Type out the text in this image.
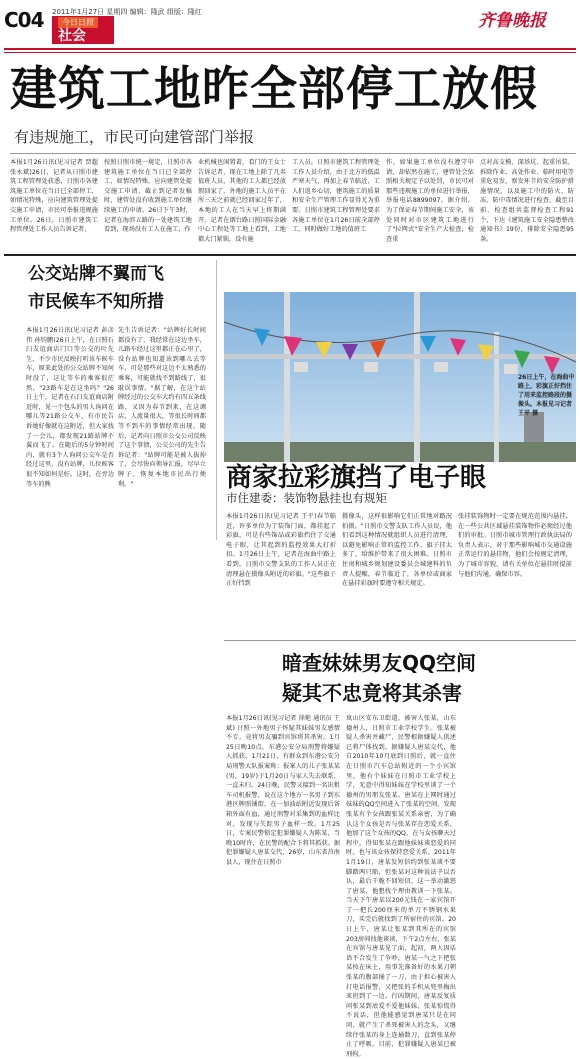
C04 2011年1月27日 星期四 编辑：隆武 组版：隆红
今日日照
社会
齐鲁晚报
建筑工地昨全部停工放假
有违规施工，市民可向建管部门举报
本报1月26日讯(见习记者 贾超 张永斌)26日，记者从日照市建筑工程管理处获悉，日照市各建筑施工单位在当日已全部停工，如情况特殊，应向建筑管理处提交施工申请，市民可举报违规施工单位。26日，日照市建筑工程管理处工作人员告诉记者，
按照日照市统一规定，日照市各建筑施工单位在当日已全部停工，如情况特殊，应向建管处提交施工申请，截止到记者发稿时，建管处没有收到施工单位继续施工的申请。26日下午3时，记者在海滨五路的一处建筑工地看到，现场没有工人在施工，作
业机械也闲置着，看门的王女士告诉记者，现在工地上除了几名值班人员，其他的工人都已经放假回家了，外地的施工人员平在所三天之前就已经回家过年了，本地的工人在当天早上将期满开。记者在烟台路日照国际金融中心工程处等工地上看到，工地都大门紧锁，没有施
工人员。日照市建筑工程管理处工作人员介绍，由于北方的低温严寒天气，再加上春节临近，工人们返乡心切，建筑施工的质量和安全生产管理工作显得尤为重要。日照市建筑工程管理处要求各施工单位在1月26日前全部停工，同时做好工地的值班工
作，如果施工单位没有遵守申请，却依然在施工，建管处会依照相关规定予以处罚，市民可对那些违规施工的单位进行举报，举报电话8899097。据介绍，为了保证春节期间施工安全，该处同时对市区建筑工地进行了"拉网式"安全生产大检查，检查重
点对高支模、深基坑、起重吊装、拆除作业、高处作业、临时用电等重危易发，察发环节的安全防护措施情况，以及施工中的防火、防冻、防中毒情况进行检查，截至目前，检查组共监督检查工程91个，下达《建筑施工安全隐患整改通知书》19份，排除安全隐患95条。
公交站牌不翼而飞
市民候车不知所措
本报1月26日讯(见习记者 彭彦伟 孙钧鹏)26日上午，在日照石臼友谊商店门口等公交的叶先生，不少市民反映打听该车候车车，原来此处的公交站牌不知何时没了，这让等车的乘客很茫然。"23路车是在这坐吗？"26日上午，记者在石臼友谊商店附近时，见一个包头的男人询问在哪儿等21路公交车，有市民告诉她好像就在这附近，但大家找了一会儿，都发现21路站牌不翼而飞了。在随后的5分钟时间内，就有3个人询问公交车是否经过这里，没有站牌，儿位候客很不知如何是好。这时，在旁边等车的熊
先生告诉记者："站牌好长时间都没有了，我经常在这边坐车，儿路车经过这里都正在心里了，没有站牌也知道该到哪儿去等车，可是那些对这边不太熟悉的乘客，可能就找不到路线了，很耽误事情。"据了解，在这个站牌经过的公交车大约有四五条线路，又因为春节到来，在这调店，人流量很大，等很长时间都等不到车的事情经常出现。随后，记者向日照市公交公司反映了这个事情，公交公司的先生告诉记者："站牌可能是被人拔掉了，会尽快向领导汇报，尽早立牌子，恢复本地市民出行便利。"
26日上午，在海曲中路上，彩旗正好挡住了用来监控路段的摄像头。本报见习记者 王平 摄
商家拉彩旗挡了电子眼
市住建委：装饰物悬挂也有规矩
本报1月26日讯(见习记者 王平)春节临近，许多单位为了装饰门面，都挂起了彩旗，可是有些饰品或彩旗挡住了交通电子眼，让其起到的监控效果大打折扣。1月26日上午，记者在海曲中路上看到，日照市交警支队的工作人员正在清理悬在摄像头附近的彩旗。"这些旗子正好挡到
摄像头，这样很影响它们正常地对路况拍摄。"日照市交警支队工作人员说，他们看到这种情况就组织人员进行清理，以避免影响正常的监控工作。旗子挂太多了，给维护带来了很大困难。日照市住房和城乡规划建设委员会城建科的负责人提醒，春节临近了，各单位或商家在悬挂彩旗时要遵守相关规定。
张挂装饰物时一定要在规范范围内悬挂，在一些公共区域悬挂装饰物作必须经过他们的审批。日照市城市管理行政执法局的负责人表示，对于那些影响城市交通设施正常运行的悬挂物，他们会按规定清理，为了城市容貌，请有关单位在悬挂时提前与他们沟通，确保市容。
暗查妹妹男友QQ空间
疑其不忠竟将其杀害
本报1月26日讯(见习记者 徐艳 通讯员 王斌) 日照一外地男子怀疑其妹妹男友感情不专，竟将男友骗到宾馆将其杀害。1月25日晚10点，东港公安分局刑警将嫌疑人抓获。1月21日，有群众到东港公安分局刑警大队报案称：报案人的儿子张某某(男，19岁)于1月20日与家人失去联系，一直未归。24日晚，民警又接到一名出租车司机报警，说在这个地方一名男子到东港区牌照铺街，在一加油站附近发现后备箱外面有血，通过刑警对采集到的血样比对，发现与失踪男子血样一致。1月25日，专案民警锁定犯罪嫌疑人为陈某，当晚10时许，在民警的配合下将其抓获。据犯罪嫌疑人唐某交代，26岁，山东省莒南县人，现住在日照市
岚山区安东卫街道，被害人张某，山东德州人，日照市工业学校学生。张某被疑人杀害并藏尸，民警根据嫌疑人供述已将尸体找到。据嫌疑人唐某交代，他自2010年10月底到日照后，就一直住在日照市汽车总站附近的一个小宾馆里，他有个妹妹在日照市工业学校上学，无意中得知妹妹在学校里谈了一个德州的男朋友张某。唐某在上网时通过妹妹的QQ空间进入了张某的空间，发现张某有个女孩跟张某关系亲密，为了确认这个女孩是否与张某存在恋爱关系，他加了这个女孩的QQ，在与女孩聊天过程中，得知张某在跟他妹妹谈恋爱的同时，也与该女孩保持恋爱关系。2011年1月19日，唐某发短信约到张某谈不要脚踏两只船，但张某对这种说法予以否认，最后干脆不回短信，这一举动激怒了唐某，他想找个理由教训一下张某。当天下午唐某以200元钱在一家宾馆开了一把长200厘米的单刀不锈钢水果刀，买完后就找到了所宿住的宾馆。20日上午，唐某让张某到其所在的宾馆203房间找他谈谈，下午2点左右，张某在宾馆与唐某见了面，起初，两人因话语不合发生了争吵，唐某一气之下把张某按在床上，用事先准备好的水果刀朝张某的腹部捅了一刀，由于担心被害人打电话报警，又把张的手机从兜里掏出来扔到了一边。行凶期间，唐某反复质问张某到底爱不爱他妹妹，张某惊慌得不说话，但他能感觉到唐某只是在问问，就产生了杀死被害人的念头，又继续往张某的身上连捅数刀，直到张某停止了呼吸。目前，犯罪嫌疑人唐某已被刑拘。
